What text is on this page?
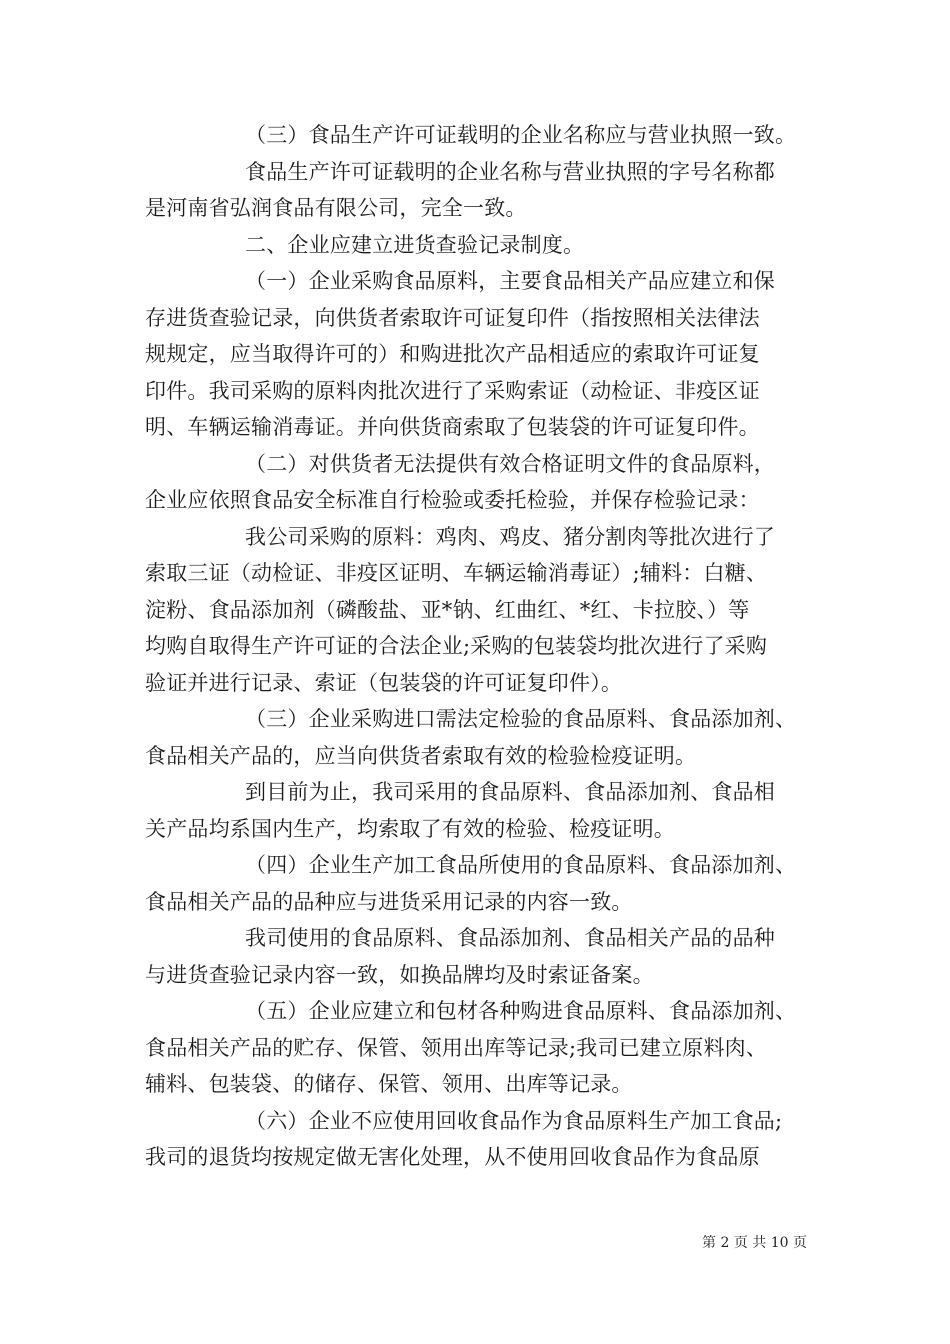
（三）食品生产许可证载明的企业名称应与营业执照一致。
食品生产许可证载明的企业名称与营业执照的字号名称都
是河南省弘润食品有限公司，完全一致。
二、企业应建立进货查验记录制度。
（一）企业采购食品原料，主要食品相关产品应建立和保
存进货查验记录，向供货者索取许可证复印件（指按照相关法律法
规规定，应当取得许可的）和购进批次产品相适应的索取许可证复
印件。我司采购的原料肉批次进行了采购索证（动检证、非疫区证
明、车辆运输消毒证。并向供货商索取了包装袋的许可证复印件。
（二）对供货者无法提供有效合格证明文件的食品原料，
企业应依照食品安全标准自行检验或委托检验，并保存检验记录：
我公司采购的原料：鸡肉、鸡皮、猪分割肉等批次进行了
索取三证（动检证、非疫区证明、车辆运输消毒证）;辅料：白糖、
淀粉、食品添加剂（磷酸盐、亚*钠、红曲红、*红、卡拉胶、）等
均购自取得生产许可证的合法企业;采购的包装袋均批次进行了采购
验证并进行记录、索证（包装袋的许可证复印件）。
（三）企业采购进口需法定检验的食品原料、食品添加剂、
食品相关产品的，应当向供货者索取有效的检验检疫证明。
到目前为止，我司采用的食品原料、食品添加剂、食品相
关产品均系国内生产，均索取了有效的检验、检疫证明。
（四）企业生产加工食品所使用的食品原料、食品添加剂、
食品相关产品的品种应与进货采用记录的内容一致。
我司使用的食品原料、食品添加剂、食品相关产品的品种
与进货查验记录内容一致，如换品牌均及时索证备案。
（五）企业应建立和包材各种购进食品原料、食品添加剂、
食品相关产品的贮存、保管、领用出库等记录;我司已建立原料肉、
辅料、包装袋、的储存、保管、领用、出库等记录。
（六）企业不应使用回收食品作为食品原料生产加工食品;
我司的退货均按规定做无害化处理，从不使用回收食品作为食品原
第 2 页 共 10 页
